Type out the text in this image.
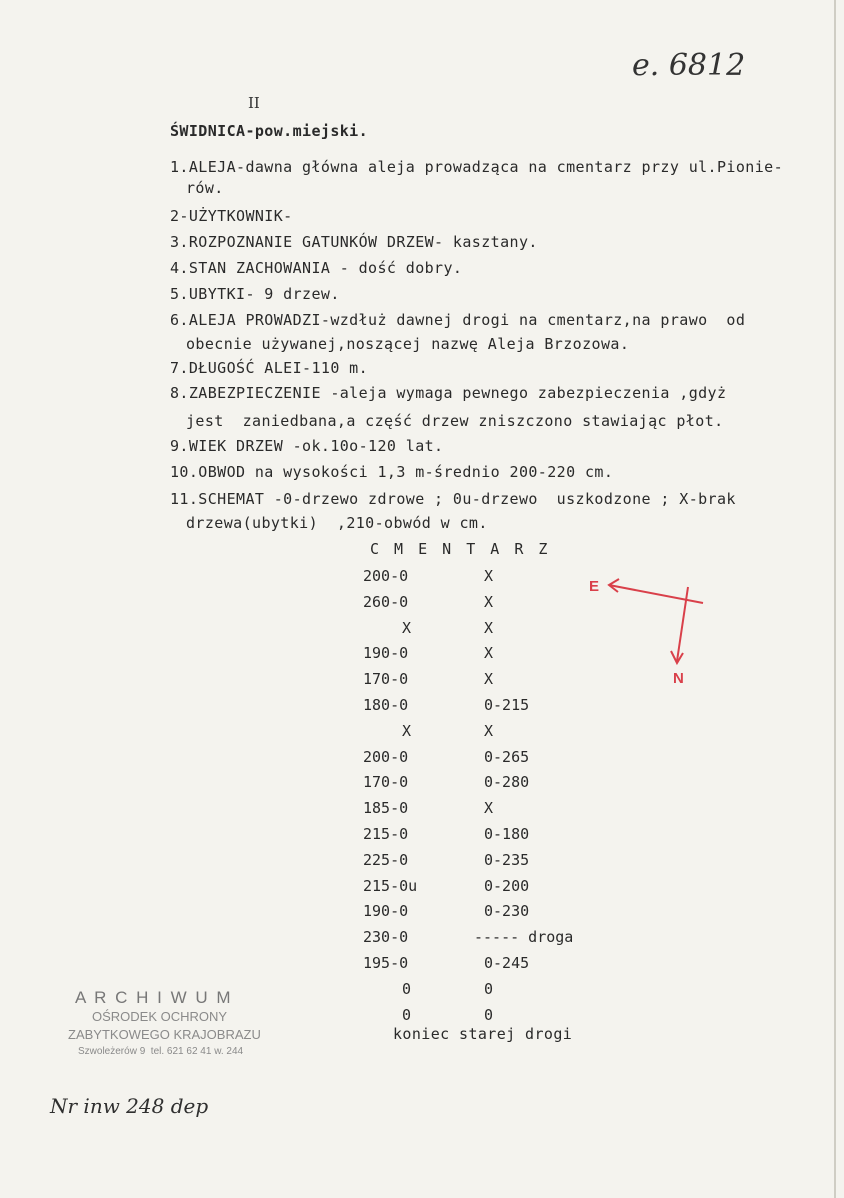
e. 6812
ŚWIDNICA-pow.miejski.
II
1.ALEJA-dawna główna aleja prowadząca na cmentarz przy ul.Pionie-
rów.
2-UŻYTKOWNIK-
3.ROZPOZNANIE GATUNKÓW DRZEW- kasztany.
4.STAN ZACHOWANIA - dość dobry.
5.UBYTKI- 9 drzew.
6.ALEJA PROWADZI-wzdłuż dawnej drogi na cmentarz,na prawo  od
obecnie używanej,noszącej nazwę Aleja Brzozowa.
7.DŁUGOŚĆ ALEI-110 m.
8.ZABEZPIECZENIE -aleja wymaga pewnego zabezpieczenia ,gdyż
jest  zaniedbana,a część drzew zniszczono stawiając płot.
9.WIEK DRZEW -ok.10o-120 lat.
10.OBWOD na wysokości 1,3 m-średnio 200-220 cm.
11.SCHEMAT -0-drzewo zdrowe ; 0u-drzewo  uszkodzone ; X-brak
drzewa(ubytki)  ,210-obwód w cm.
C M E N T A R Z
200-0	X
260-0	X
X	X
190-0	X
170-0	X
180-0	0-215
X	X
200-0	0-265
170-0	0-280
185-0	X
215-0	0-180
225-0	0-235
215-0u	0-200
190-0	0-230
230-0	----- droga
195-0	0-245
0	0
0	0
koniec starej drogi
E
N
A R C H I W U M
OŚRODEK OCHRONY
ZABYTKOWEGO KRAJOBRAZU
Szwoleżerów 9  tel. 621 62 41 w. 244
Nr inw 248 dep
